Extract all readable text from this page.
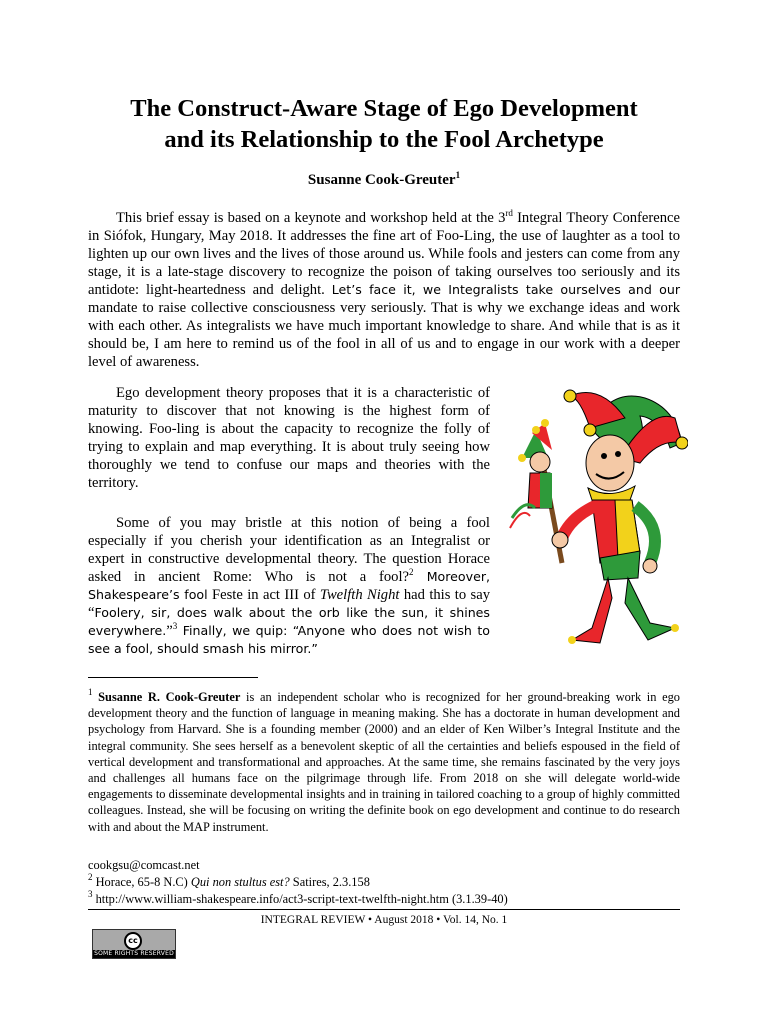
The Construct-Aware Stage of Ego Development
and its Relationship to the Fool Archetype
Susanne Cook-Greuter$^1$
This brief essay is based on a keynote and workshop held at the 3rd Integral Theory Conference in Siófok, Hungary, May 2018. It addresses the fine art of Foo-Ling, the use of laughter as a tool to lighten up our own lives and the lives of those around us. While fools and jesters can come from any stage, it is a late-stage discovery to recognize the poison of taking ourselves too seriously and its antidote: light-heartedness and delight. Let’s face it, we Integralists take ourselves and our mandate to raise collective consciousness very seriously. That is why we exchange ideas and work with each other. As integralists we have much important knowledge to share. And while that is as it should be, I am here to remind us of the fool in all of us and to engage in our work with a deeper level of awareness.
Ego development theory proposes that it is a characteristic of maturity to discover that not knowing is the highest form of knowing. Foo-ling is about the capacity to recognize the folly of trying to explain and map everything. It is about truly seeing how thoroughly we tend to confuse our maps and theories with the territory.
Some of you may bristle at this notion of being a fool especially if you cherish your identification as an Integralist or expert in constructive developmental theory. The question Horace asked in ancient Rome: Who is not a fool?$^2$ Moreover, Shakespeare’s fool Feste in act III of Twelfth Night had this to say “Foolery, sir, does walk about the orb like the sun, it shines everywhere.”$^3$ Finally, we quip: “Anyone who does not wish to see a fool, should smash his mirror.”
$^1$ Susanne R. Cook-Greuter is an independent scholar who is recognized for her ground-breaking work in ego development theory and the function of language in meaning making. She has a doctorate in human development and psychology from Harvard. She is a founding member (2000) and an elder of Ken Wilber’s Integral Institute and the integral community. She sees herself as a benevolent skeptic of all the certainties and beliefs espoused in the field of vertical development and transformational and approaches. At the same time, she remains fascinated by the very joys and challenges all humans face on the pilgrimage through life. From 2018 on she will delegate world-wide engagements to disseminate developmental insights and in training in tailored coaching to a group of highly committed colleagues. Instead, she will be focusing on writing the definite book on ego development and continue to do research with and about the MAP instrument.
cookgsu@comcast.net
$^2$ Horace, 65-8 N.C) Qui non stultus est? Satires, 2.3.158
$^3$ http://www.william-shakespeare.info/act3-script-text-twelfth-night.htm (3.1.39-40)
INTEGRAL REVIEW • August 2018 • Vol. 14, No. 1
cc
SOME RIGHTS RESERVED
